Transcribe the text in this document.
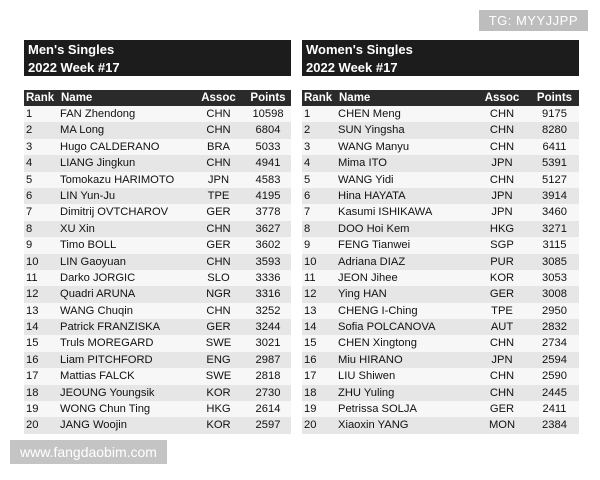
Men's Singles
2022 Week #17
Rank Name	Assoc	Points
1	FAN Zhendong	CHN	10598
2	MA Long	CHN	6804
3	Hugo CALDERANO	BRA	5033
4	LIANG Jingkun	CHN	4941
5	Tomokazu HARIMOTO	JPN	4583
6	LIN Yun-Ju	TPE	4195
7	Dimitrij OVTCHAROV	GER	3778
8	XU Xin	CHN	3627
9	Timo BOLL	GER	3602
10	LIN Gaoyuan	CHN	3593
11	Darko JORGIC	SLO	3336
12	Quadri ARUNA	NGR	3316
13	WANG Chuqin	CHN	3252
14	Patrick FRANZISKA	GER	3244
15	Truls MOREGARD	SWE	3021
16	Liam PITCHFORD	ENG	2987
17	Mattias FALCK	SWE	2818
18	JEOUNG Youngsik	KOR	2730
19	WONG Chun Ting	HKG	2614
20	JANG Woojin	KOR	2597
Women's Singles
2022 Week #17
Rank Name	Assoc	Points
1	CHEN Meng	CHN	9175
2	SUN Yingsha	CHN	8280
3	WANG Manyu	CHN	6411
4	Mima ITO	JPN	5391
5	WANG Yidi	CHN	5127
6	Hina HAYATA	JPN	3914
7	Kasumi ISHIKAWA	JPN	3460
8	DOO Hoi Kem	HKG	3271
9	FENG Tianwei	SGP	3115
10	Adriana DIAZ	PUR	3085
11	JEON Jihee	KOR	3053
12	Ying HAN	GER	3008
13	CHENG I-Ching	TPE	2950
14	Sofia POLCANOVA	AUT	2832
15	CHEN Xingtong	CHN	2734
16	Miu HIRANO	JPN	2594
17	LIU Shiwen	CHN	2590
18	ZHU Yuling	CHN	2445
19	Petrissa SOLJA	GER	2411
20	Xiaoxin YANG	MON	2384
TG: MYYJJPP
www.fangdaobim.com
